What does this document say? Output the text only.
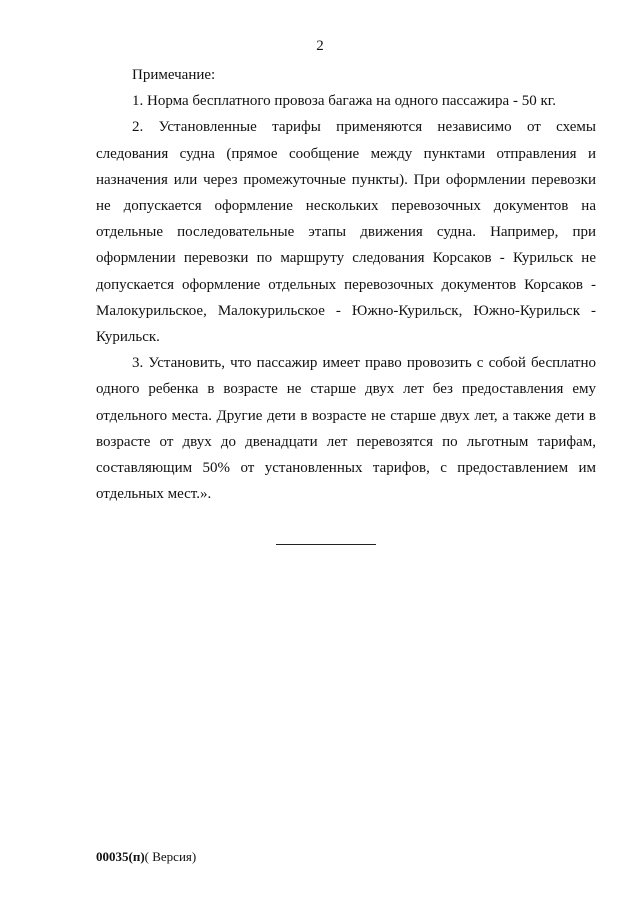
2
Примечание:

1. Норма бесплатного провоза багажа на одного пассажира - 50 кг.

2. Установленные тарифы применяются независимо от схемы следования судна (прямое сообщение между пунктами отправления и назначения или через промежуточные пункты). При оформлении перевозки не допускается оформление нескольких перевозочных документов на отдельные последовательные этапы движения судна. Например, при оформлении перевозки по маршруту следования Корсаков - Курильск не допускается оформление отдельных перевозочных документов Корсаков - Малокурильское, Малокурильское - Южно-Курильск, Южно-Курильск - Курильск.

3. Установить, что пассажир имеет право провозить с собой бесплатно одного ребенка в возрасте не старше двух лет без предоставления ему отдельного места. Другие дети в возрасте не старше двух лет, а также дети в возрасте от двух до двенадцати лет перевозятся по льготным тарифам, составляющим 50% от установленных тарифов, с предоставлением им отдельных мест.».

00035(п)( Версия)
